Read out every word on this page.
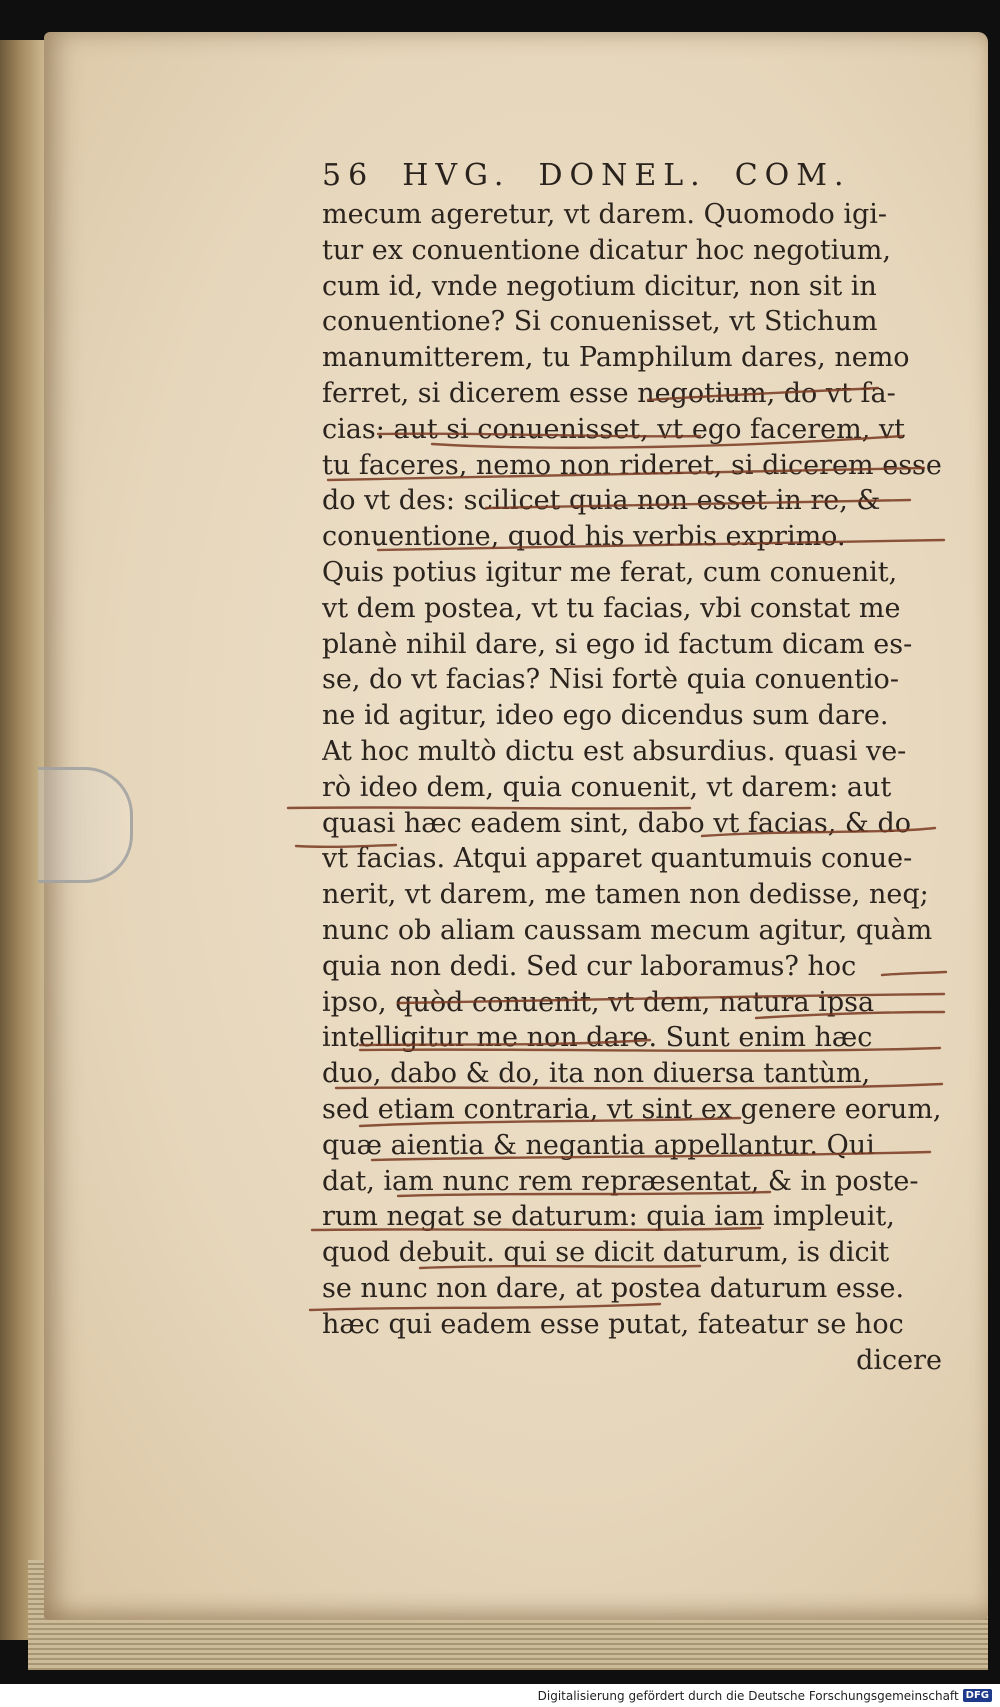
56 HVG. DONEL. COM.
mecum ageretur, vt darem. Quomodo igi-
tur ex conuentione dicatur hoc negotium,
cum id, vnde negotium dicitur, non sit in
conuentione? Si conuenisset, vt Stichum
manumitterem, tu Pamphilum dares, nemo
ferret, si dicerem esse negotium, do vt fa-
cias: aut si conuenisset, vt ego facerem, vt
tu faceres, nemo non rideret, si dicerem esse
do vt des: scilicet quia non esset in re, &
conuentione, quod his verbis exprimo.
Quis potius igitur me ferat, cum conuenit,
vt dem postea, vt tu facias, vbi constat me
planè nihil dare, si ego id factum dicam es-
se, do vt facias? Nisi fortè quia conuentio-
ne id agitur, ideo ego dicendus sum dare.
At hoc multò dictu est absurdius. quasi ve-
rò ideo dem, quia conuenit, vt darem: aut
quasi hæc eadem sint, dabo vt facias, & do
vt facias. Atqui apparet quantumuis conue-
nerit, vt darem, me tamen non dedisse, neq;
nunc ob aliam caussam mecum agitur, quàm
quia non dedi. Sed cur laboramus? hoc
ipso, quòd conuenit, vt dem, natura ipsa
intelligitur me non dare. Sunt enim hæc
duo, dabo & do, ita non diuersa tantùm,
sed etiam contraria, vt sint ex genere eorum,
quæ aientia & negantia appellantur. Qui
dat, iam nunc rem repræsentat, & in poste-
rum negat se daturum: quia iam impleuit,
quod debuit. qui se dicit daturum, is dicit
se nunc non dare, at postea daturum esse.
hæc qui eadem esse putat, fateatur se hoc
dicere
Digitalisierung gefördert durch die Deutsche Forschungsgemeinschaft DFG
